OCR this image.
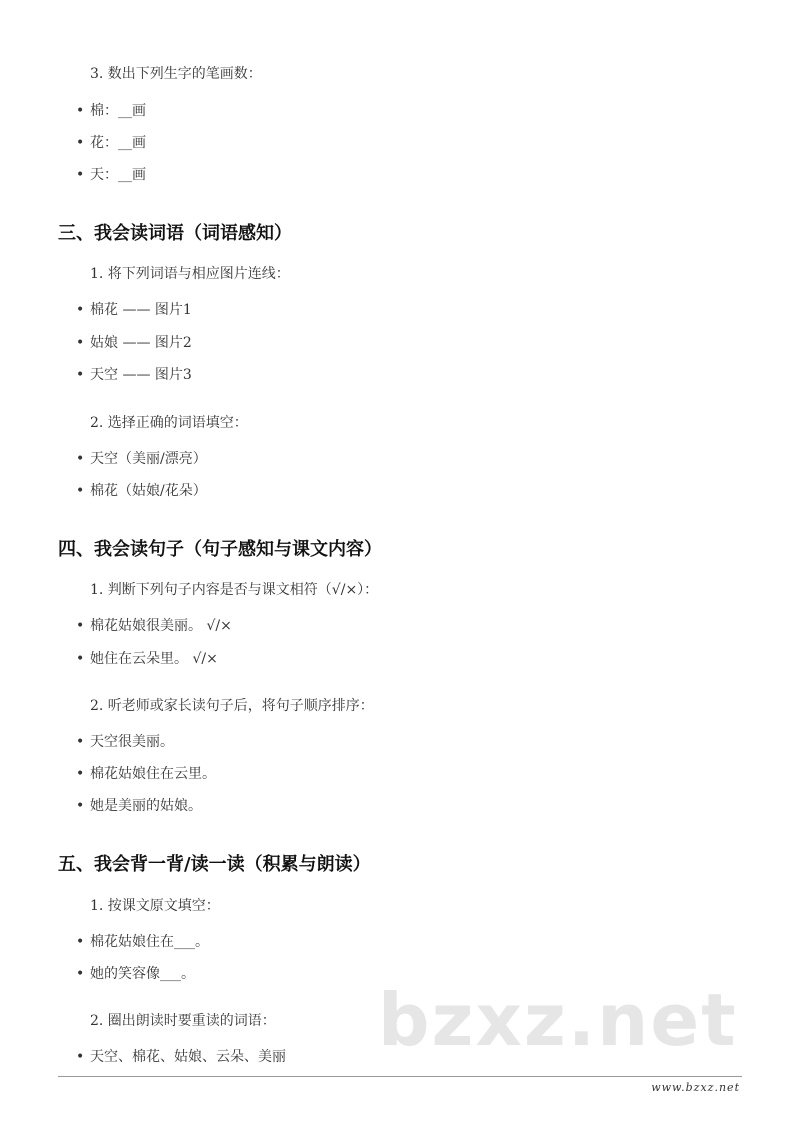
3. 数出下列生字的笔画数：
• 棉：__画
• 花：__画
• 天：__画
三、我会读词语（词语感知）
1. 将下列词语与相应图片连线：
• 棉花 —— 图片1
• 姑娘 —— 图片2
• 天空 —— 图片3
2. 选择正确的词语填空：
• 天空（美丽/漂亮）
• 棉花（姑娘/花朵）
四、我会读句子（句子感知与课文内容）
1. 判断下列句子内容是否与课文相符（√/×）：
• 棉花姑娘很美丽。 √/×
• 她住在云朵里。 √/×
2. 听老师或家长读句子后，将句子顺序排序：
• 天空很美丽。
• 棉花姑娘住在云里。
• 她是美丽的姑娘。
五、我会背一背/读一读（积累与朗读）
1. 按课文原文填空：
• 棉花姑娘住在___。
• 她的笑容像___。
2. 圈出朗读时要重读的词语：
• 天空、棉花、姑娘、云朵、美丽 bzxz.net
www.bzxz.net
